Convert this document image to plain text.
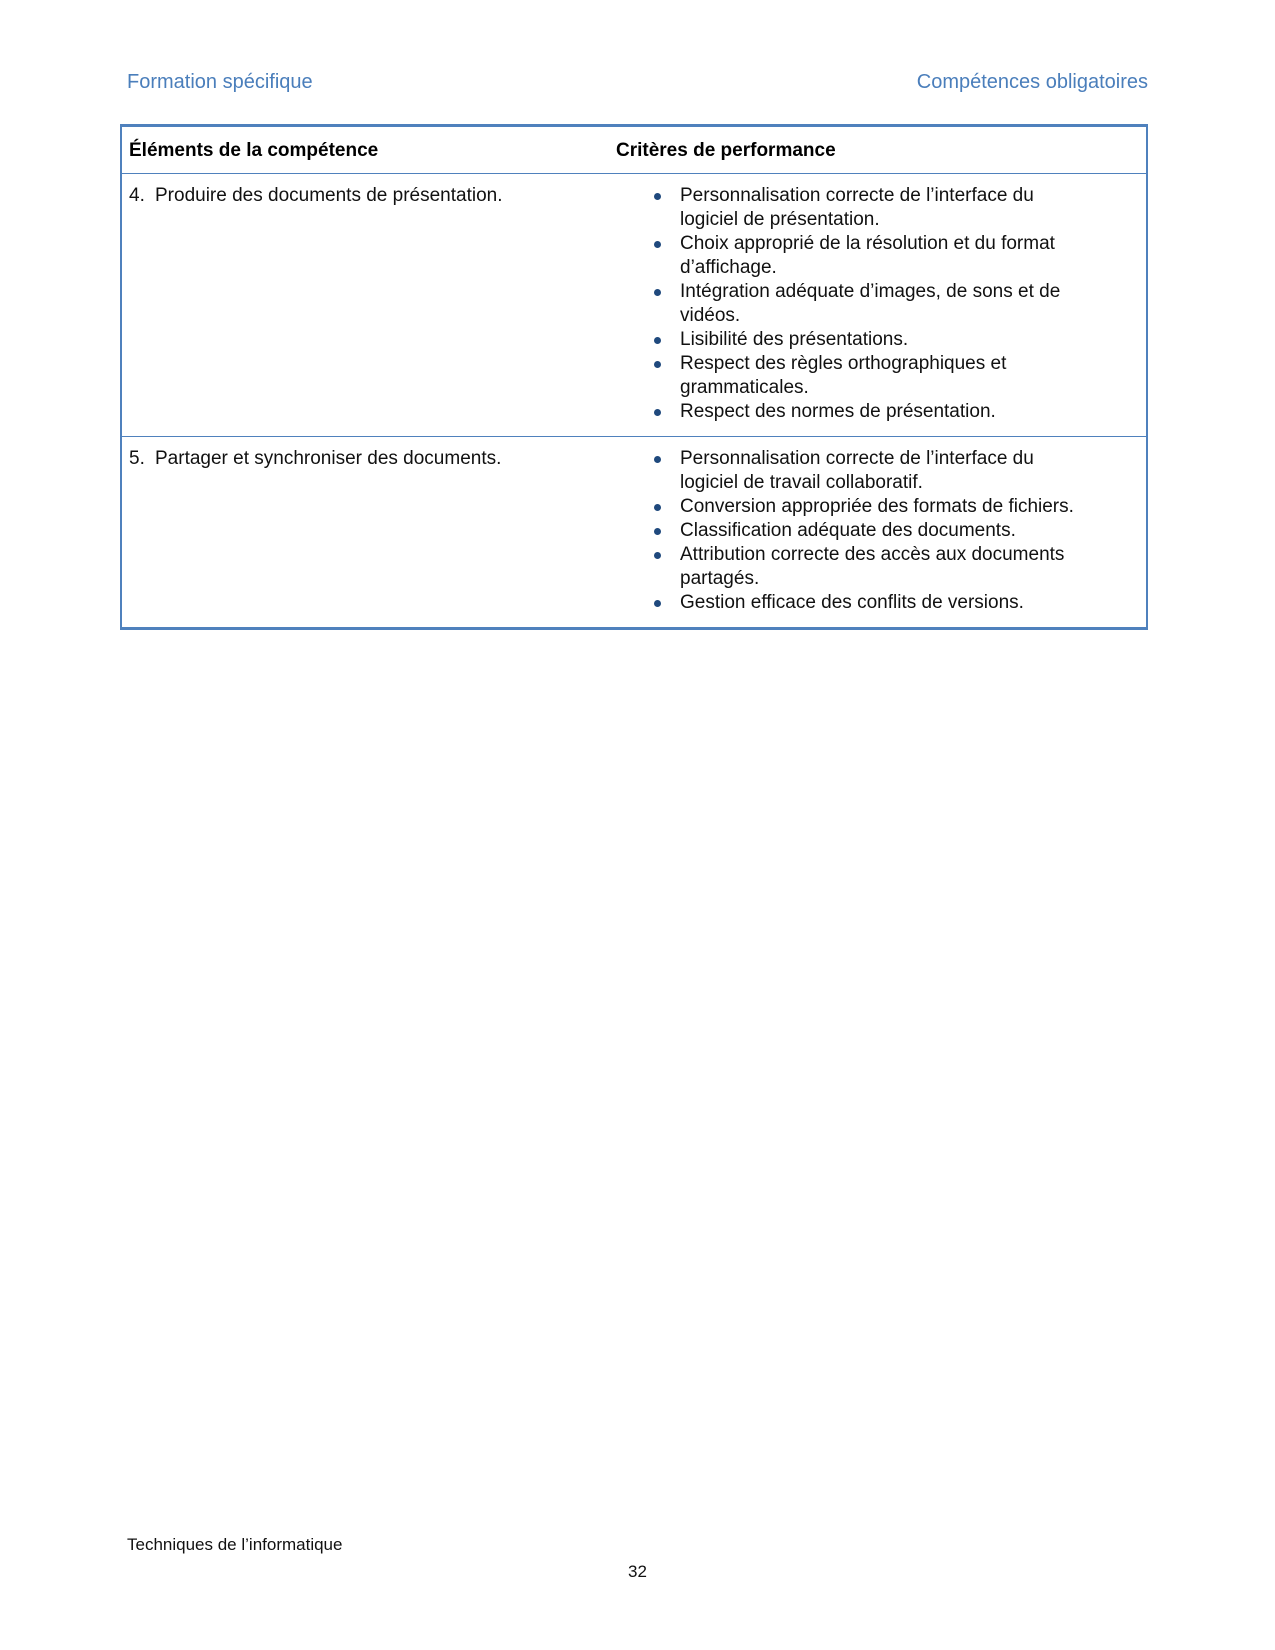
Formation spécifique	Compétences obligatoires
Éléments de la compétence	Critères de performance
4. Produire des documents de présentation.	Personnalisation correcte de l’interface du logiciel de présentation.
Choix approprié de la résolution et du format d’affichage.
Intégration adéquate d’images, de sons et de vidéos.
Lisibilité des présentations.
Respect des règles orthographiques et grammaticales.
Respect des normes de présentation.
5. Partager et synchroniser des documents.	Personnalisation correcte de l’interface du logiciel de travail collaboratif.
Conversion appropriée des formats de fichiers.
Classification adéquate des documents.
Attribution correcte des accès aux documents partagés.
Gestion efficace des conflits de versions.
Techniques de l’informatique
32
